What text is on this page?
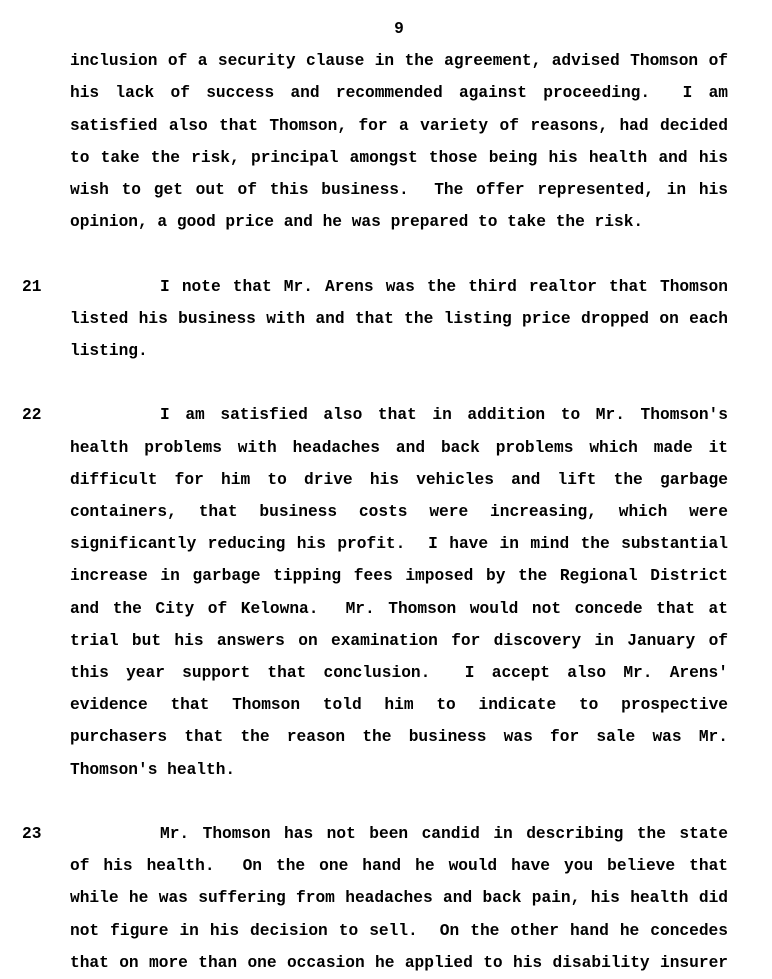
9
inclusion of a security clause in the agreement, advised Thomson of
his lack of success and recommended against proceeding.  I am
satisfied also that Thomson, for a variety of reasons, had decided
to take the risk, principal amongst those being his health and his
wish to get out of this business.  The offer represented, in his
opinion, a good price and he was prepared to take the risk.
21	I note that Mr. Arens was the third realtor that Thomson
listed his business with and that the listing price dropped on each
listing.
22	I am satisfied also that in addition to Mr. Thomson's
health problems with headaches and back problems which made it
difficult for him to drive his vehicles and lift the garbage
containers, that business costs were increasing, which were
significantly reducing his profit.  I have in mind the substantial
increase in garbage tipping fees imposed by the Regional District
and the City of Kelowna.  Mr. Thomson would not concede that at
trial but his answers on examination for discovery in January of
this year support that conclusion.  I accept also Mr. Arens'
evidence that Thomson told him to indicate to prospective
purchasers that the reason the business was for sale was Mr.
Thomson's health.
23	Mr. Thomson has not been candid in describing the state
of his health.  On the one hand he would have you believe that
while he was suffering from headaches and back pain, his health did
not figure in his decision to sell.  On the other hand he concedes
that on more than one occasion he applied to his disability insurer
